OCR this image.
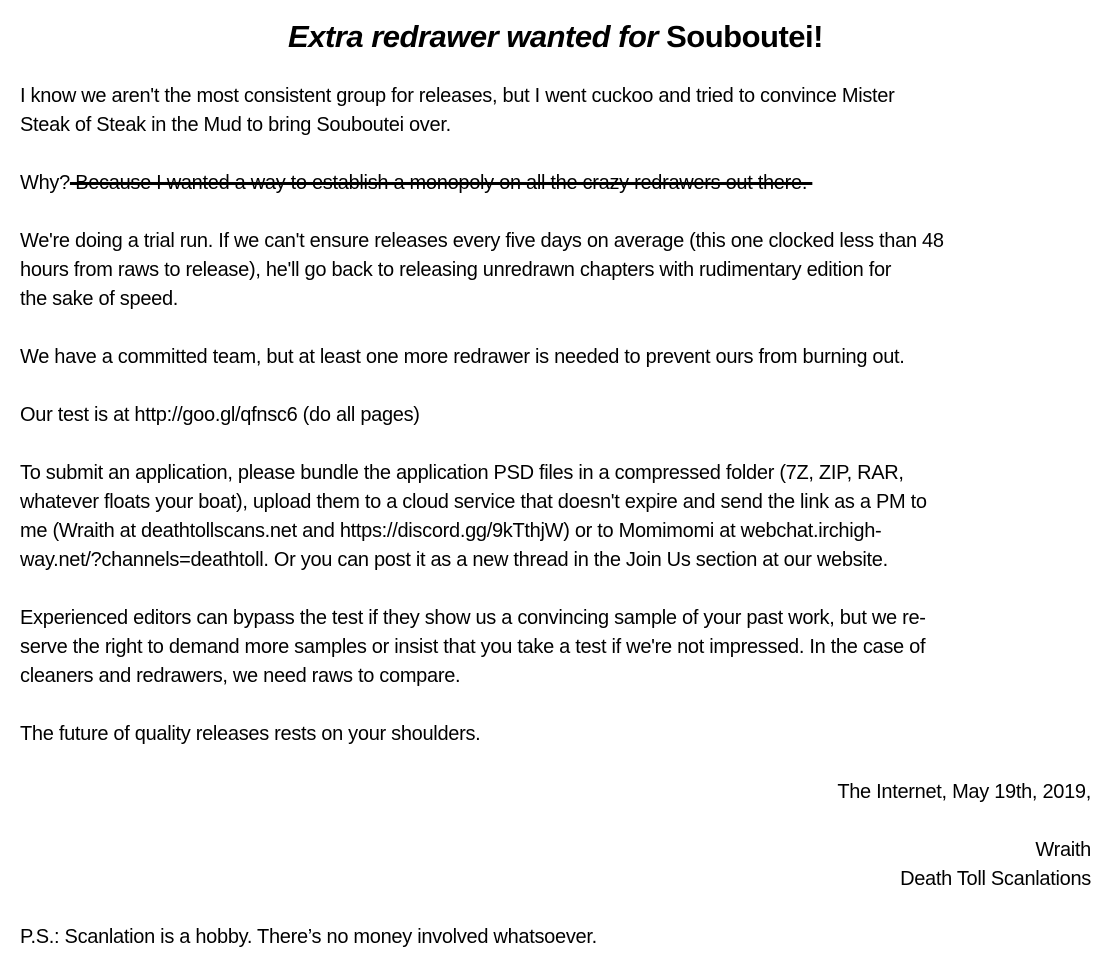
Extra redrawer wanted for Souboutei!
I know we aren't the most consistent group for releases, but I went cuckoo and tried to convince Mister
Steak of Steak in the Mud to bring Souboutei over.
Why? Because I wanted a way to establish a monopoly on all the crazy redrawers out there.
We're doing a trial run. If we can't ensure releases every five days on average (this one clocked less than 48
hours from raws to release), he'll go back to releasing unredrawn chapters with rudimentary edition for
the sake of speed.
We have a committed team, but at least one more redrawer is needed to prevent ours from burning out.
Our test is at http://goo.gl/qfnsc6 (do all pages)
To submit an application, please bundle the application PSD files in a compressed folder (7Z, ZIP, RAR,
whatever floats your boat), upload them to a cloud service that doesn't expire and send the link as a PM to
me (Wraith at deathtollscans.net and https://discord.gg/9kTthjW) or to Momimomi at webchat.irchigh-
way.net/?channels=deathtoll. Or you can post it as a new thread in the Join Us section at our website.
Experienced editors can bypass the test if they show us a convincing sample of your past work, but we re-
serve the right to demand more samples or insist that you take a test if we're not impressed. In the case of
cleaners and redrawers, we need raws to compare.
The future of quality releases rests on your shoulders.
The Internet, May 19th, 2019,
Wraith
Death Toll Scanlations
P.S.: Scanlation is a hobby. There’s no money involved whatsoever.
